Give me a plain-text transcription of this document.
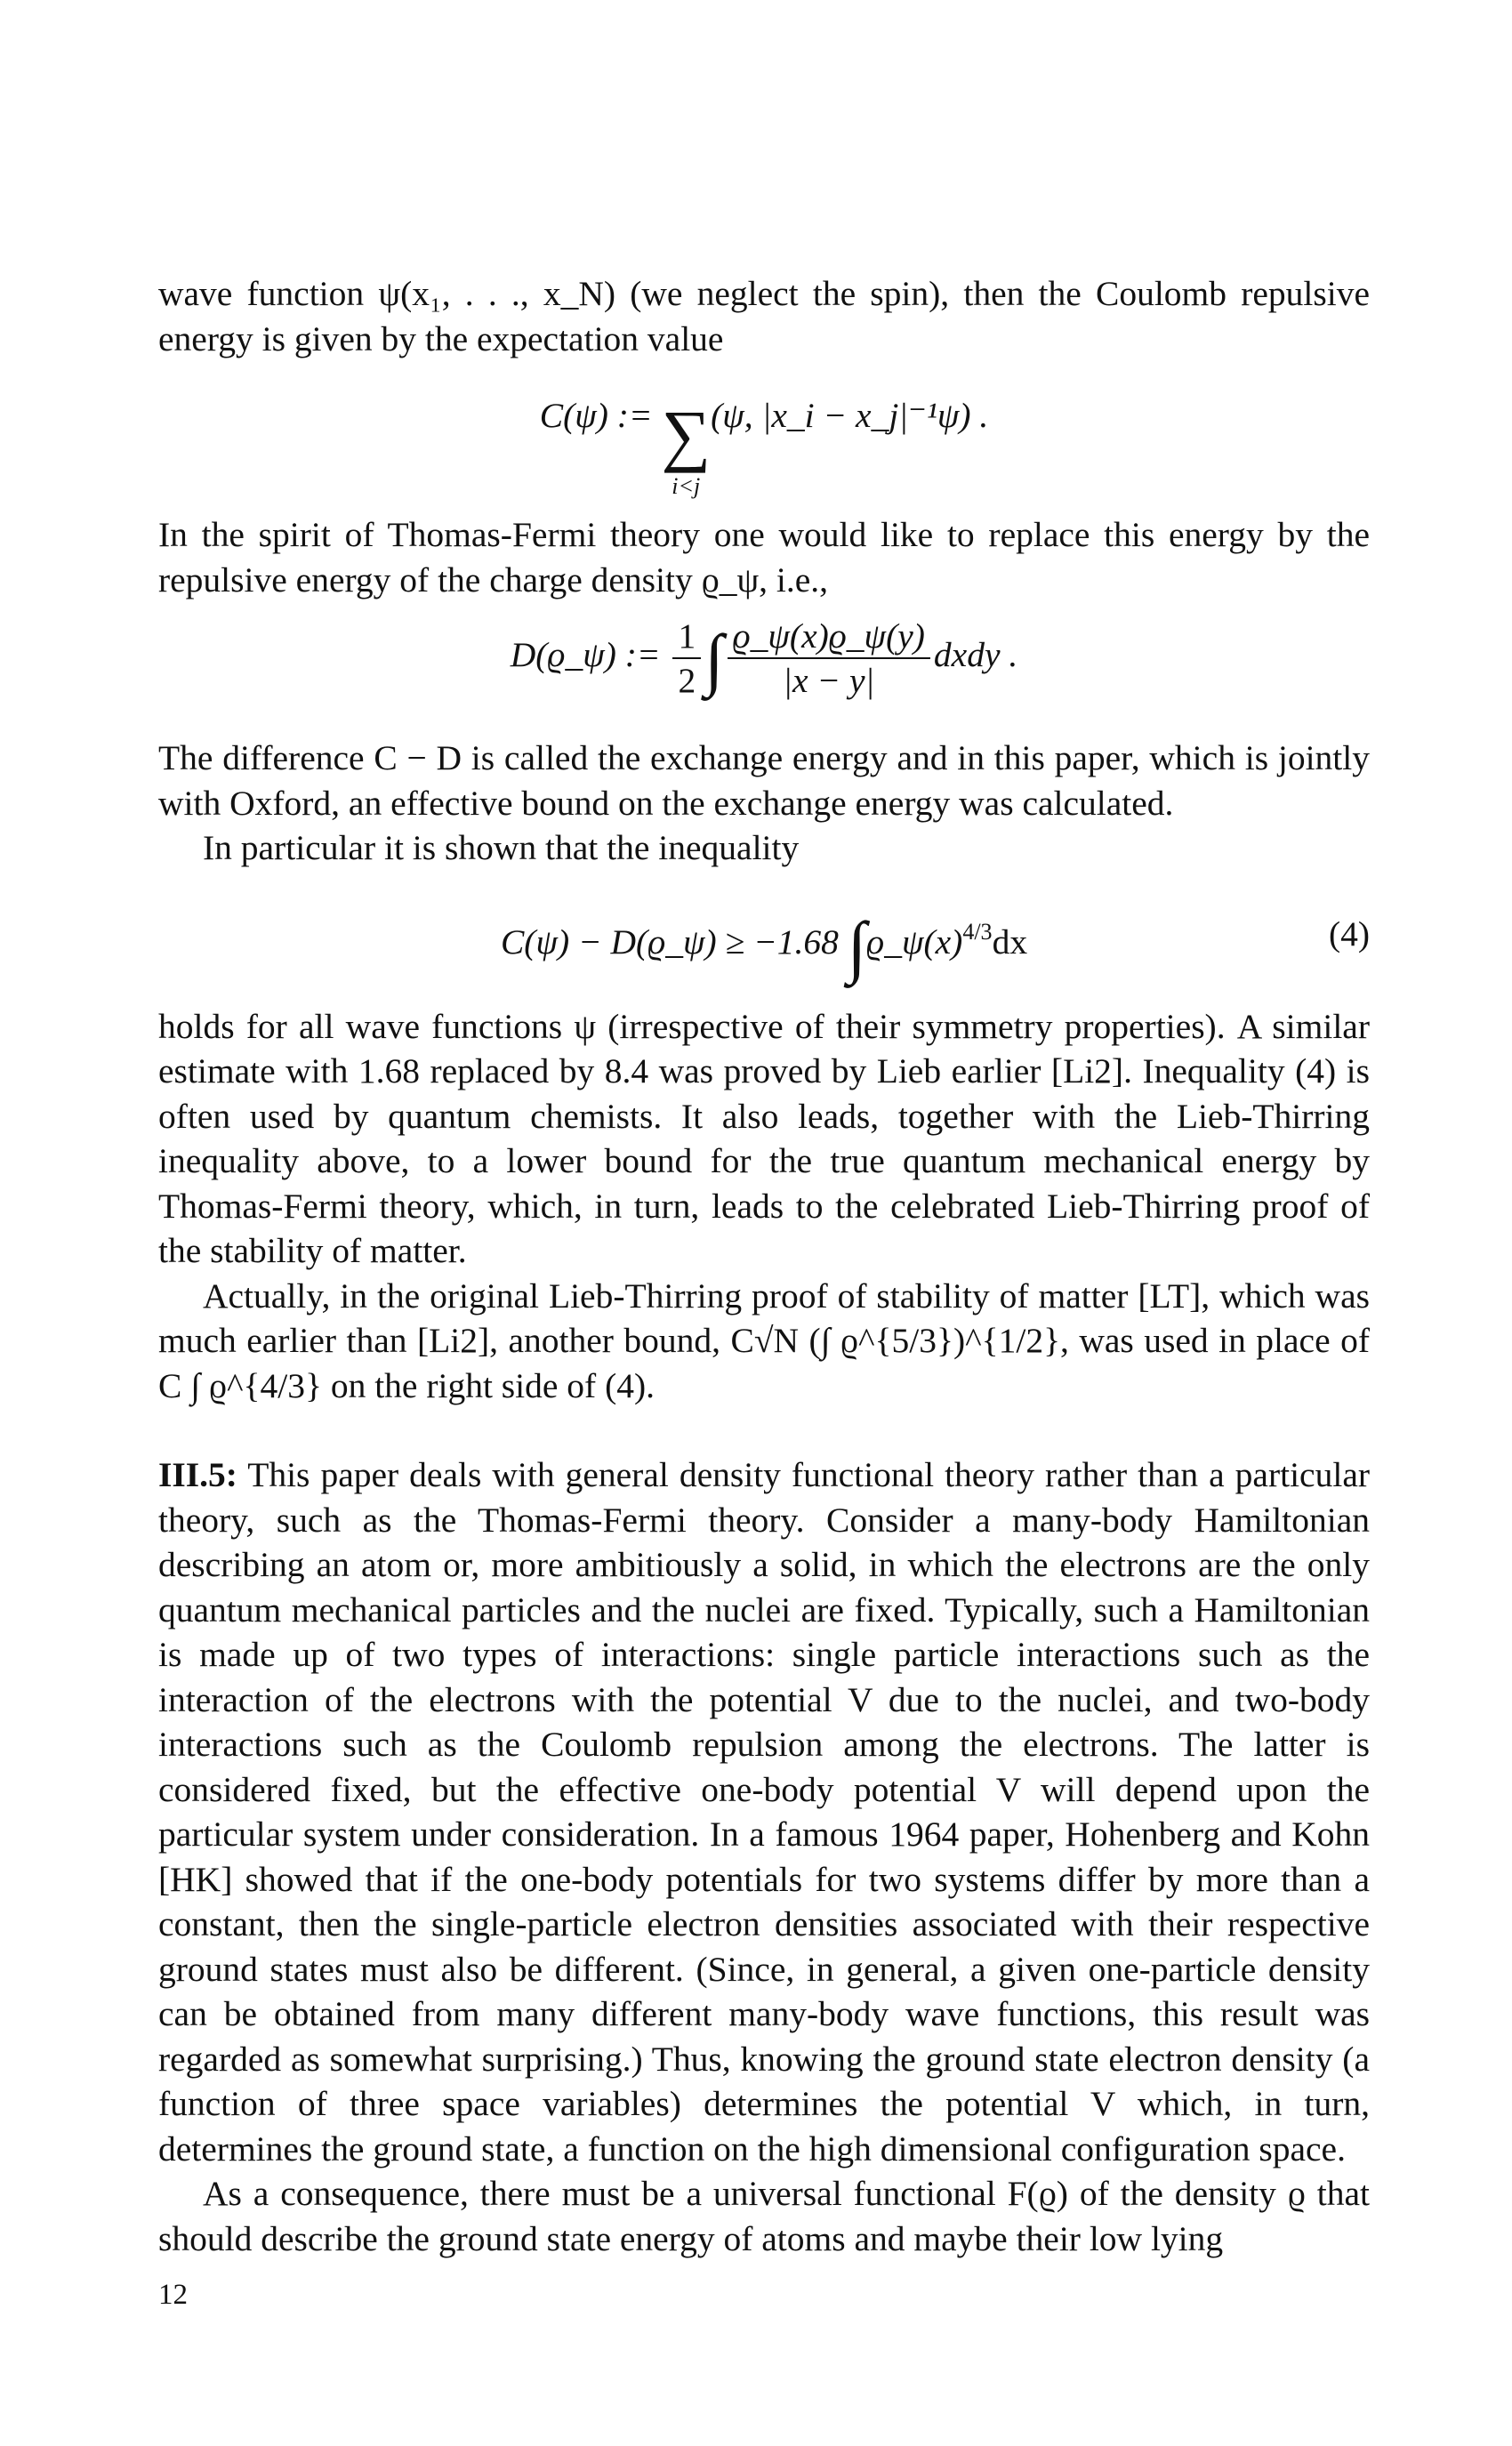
wave function ψ(x₁, . . ., x_N) (we neglect the spin), then the Coulomb repulsive energy is given by the expectation value

C(ψ) := ∑
i<j
(ψ, |x_i − x_j|⁻¹ψ) .

In the spirit of Thomas-Fermi theory one would like to replace this energy by the repulsive energy of the charge density ϱ_ψ, i.e.,

D(ϱ_ψ) := $\frac{1}{2}$ ∫ $\frac{ϱ\_\psi(x)ϱ\_\psi(y)}{|x - y|}$ dxdy .

The difference C − D is called the exchange energy and in this paper, which is jointly with Oxford, an effective bound on the exchange energy was calculated.

In particular it is shown that the inequality

C(ψ) − D(ϱ_ψ) ≥ −1.68 $\int ϱ\_\psi(x)^{4/3}dx$	(4)

holds for all wave functions ψ (irrespective of their symmetry properties). A similar estimate with 1.68 replaced by 8.4 was proved by Lieb earlier [Li2]. Inequality (4) is often used by quantum chemists. It also leads, together with the Lieb-Thirring inequality above, to a lower bound for the true quantum mechanical energy by Thomas-Fermi theory, which, in turn, leads to the celebrated Lieb-Thirring proof of the stability of matter.

Actually, in the original Lieb-Thirring proof of stability of matter [LT], which was much earlier than [Li2], another bound, C√N (∫ ϱ^{5/3})^{1/2}, was used in place of C ∫ ϱ^{4/3} on the right side of (4).

III.5: This paper deals with general density functional theory rather than a particular theory, such as the Thomas-Fermi theory. Consider a many-body Hamiltonian describing an atom or, more ambitiously a solid, in which the electrons are the only quantum mechanical particles and the nuclei are fixed. Typically, such a Hamiltonian is made up of two types of interactions: single particle interactions such as the interaction of the electrons with the potential V due to the nuclei, and two-body interactions such as the Coulomb repulsion among the electrons. The latter is considered fixed, but the effective one-body potential V will depend upon the particular system under consideration. In a famous 1964 paper, Hohenberg and Kohn [HK] showed that if the one-body potentials for two systems differ by more than a constant, then the single-particle electron densities associated with their respective ground states must also be different. (Since, in general, a given one-particle density can be obtained from many different many-body wave functions, this result was regarded as somewhat surprising.) Thus, knowing the ground state electron density (a function of three space variables) determines the potential V which, in turn, determines the ground state, a function on the high dimensional configuration space.

As a consequence, there must be a universal functional F(ϱ) of the density ϱ that should describe the ground state energy of atoms and maybe their low lying

12
